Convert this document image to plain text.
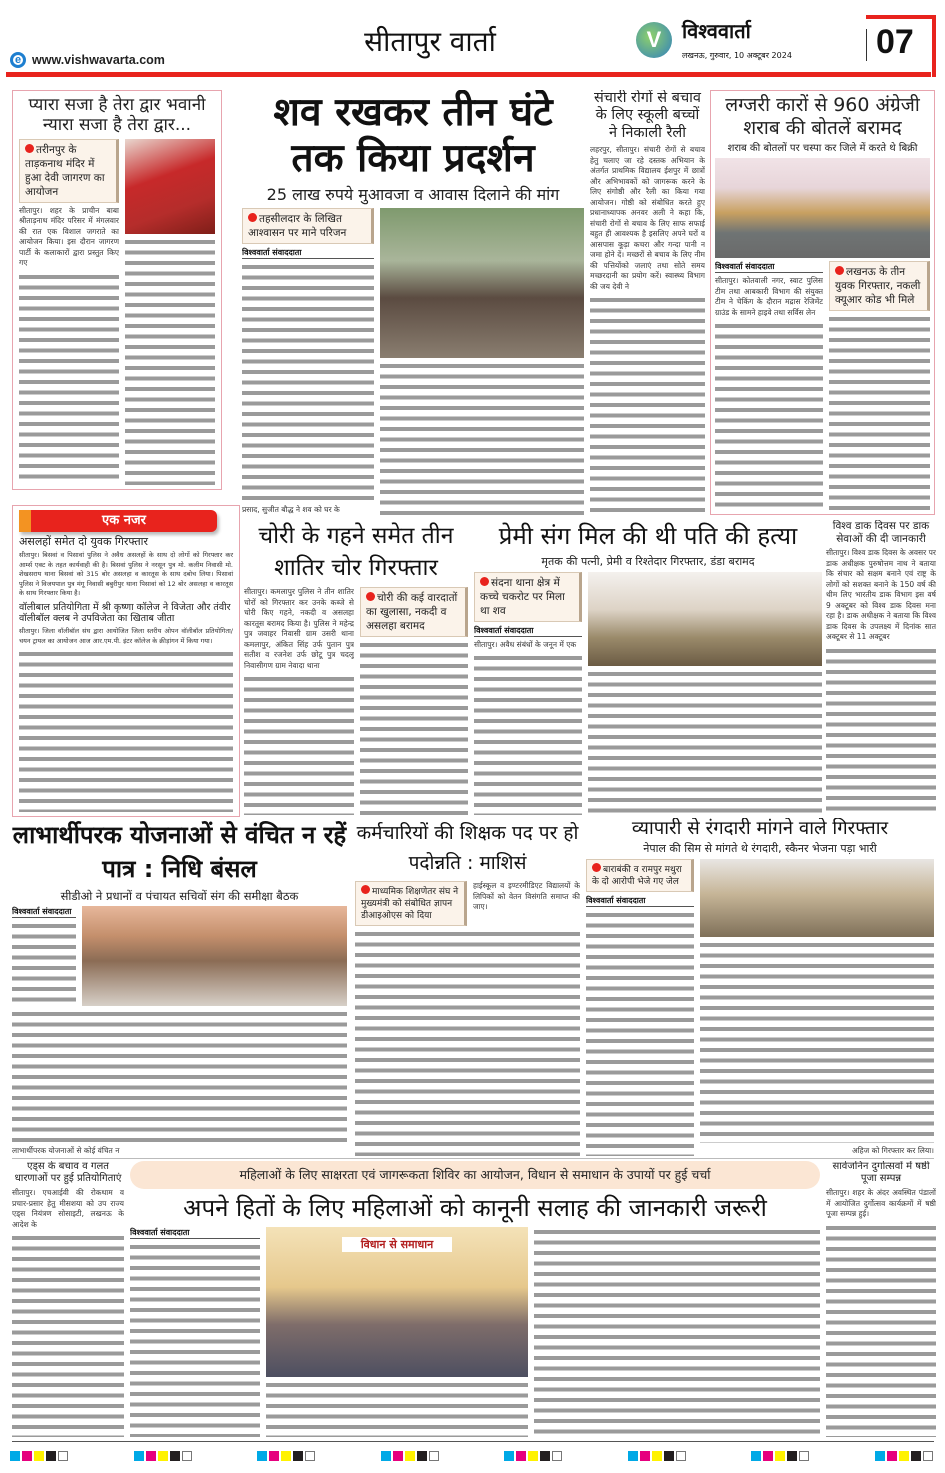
e www.vishwavarta.com
सीतापुर वार्ता	V	विश्ववार्ता
लखनऊ, गुरुवार, 10 अक्टूबर 2024 07
प्यारा सजा है तेरा द्वार भवानी न्यारा सजा है तेरा द्वार...
तरीनपुर के ताड़कनाथ मंदिर में हुआ देवी जागरण का आयोजन
सीतापुर। शहर के प्राचीन बाबा श्रीताड़नाथ मंदिर परिसर में मंगलवार की रात एक विशाल जगराते का आयोजन किया। इस दौरान जागरण पार्टी के कलाकारों द्वारा प्रस्तुत किए गए
शव रखकर तीन घंटे तक किया प्रदर्शन
25 लाख रुपये मुआवजा व आवास दिलाने की मांग
तहसीलदार के लिखित आश्वासन पर माने परिजन
विश्ववार्ता संवाददाता
प्रसाद, सुजीत बौद्ध ने शव को घर के
संचारी रोगों से बचाव के लिए स्कूली बच्चों ने निकाली रैली
लहरपुर, सीतापुर। संचारी रोगों से बचाव हेतु चलाए जा रहे दस्तक अभियान के अंतर्गत प्राथमिक विद्यालय ईशपुर में छात्रों और अभिभावकों को जागरूक करने के लिए संगोष्ठी और रैली का किया गया आयोजन। गोष्ठी को संबोधित करते हुए प्रधानाध्यापक अनवर अली ने कहा कि, संचारी रोगों से बचाव के लिए साफ सफाई बहुत ही आवश्यक है इसलिए अपने घरों व आसपास कूड़ा कचरा और गन्दा पानी न जमा होने दें। मच्छरों से बचाव के लिए नीम की पत्तियोंको जलाएं तथा सोते समय मच्छरदानी का प्रयोग करें। स्वास्थ्य विभाग की जय देवी ने
लग्जरी कारों से 960 अंग्रेजी शराब की बोतलें बरामद
शराब की बोतलों पर चस्पा कर जिले में करते थे बिक्री
विश्ववार्ता संवाददाता
सीतापुर। कोतवाली नगर, स्वाट पुलिस टीम तथा आबकारी विभाग की संयुक्त टीम ने चेकिंग के दौरान मद्रास रेजिमेंट ग्राउंड के सामने हाइवे तथा सर्विस लेन
लखनऊ के तीन युवक गिरफ्तार, नकली क्यूआर कोड भी मिले
एक नजर
असलहों समेत दो युवक गिरफ्तार
सीतापुर। बिसवां व पिसावां पुलिस ने अवैध असलहों के साथ दो लोगों को गिरफ्तार कर आर्म्स एक्ट के तहत कार्यवाही की है। बिसवां पुलिस ने नरसून पुत्र मो. कलीम निवासी मो. शेखसराय थाना बिसवां को 315 बोर असलहा व कारतूस के साथ दबोच लिया। पिसावां पुलिस ने विजयपाल पुत्र मंगू निवासी बबुरीपुर थाना पिसावां को 12 बोर असलहा व कारतूस के साथ गिरफ्तार किया है।
वॉलीबाल प्रतियोगिता में श्री कृष्णा कॉलेज ने विजेता और तंवीर वॉलीबॉल क्लब ने उपविजेता का खिताब जीता
सीतापुर। जिला वॉलीबॉल संघ द्वारा आयोजित जिला स्तरीय ओपन वॉलीबॉल प्रतियोगिता/चयन ट्रायल का आयोजन आज आर.एम.पी. इंटर कॉलेज के क्रीड़ांगन में किया गया।
चोरी के गहने समेत तीन शातिर चोर गिरफ्तार
सीतापुर। कमलापुर पुलिस ने तीन शातिर चोरों को गिरफ्तार कर उनके कब्जे से चोरी किए गहने, नकदी व असलहा कारतूस बरामद किया है। पुलिस ने महेन्द्र पुत्र जवाहर निवासी ग्राम उसरी थाना कमलापुर, अंकित सिंह उर्फ पुतान पुत्र सतीश व रजनेश उर्फ छोटू पुत्र चदलू निवासीगण ग्राम नेवादा थाना
चोरी की कई वारदातों का खुलासा, नकदी व असलहा बरामद
प्रेमी संग मिल की थी पति की हत्या
मृतक की पत्नी, प्रेमी व रिश्तेदार गिरफ्तार, डंडा बरामद
संदना थाना क्षेत्र में कच्चे चकरोट पर मिला था शव
विश्ववार्ता संवाददाता
सीतापुर। अवैध संबंधों के जनून में एक
विश्व डाक दिवस पर डाक सेवाओं की दी जानकारी
सीतापुर। विश्व डाक दिवस के अवसर पर डाक अधीक्षक पुरुषोत्तम नाथ ने बताया कि संचार को सक्षम बनाने एवं राष्ट्र के लोगों को सशक्त बनाने के 150 वर्ष की थीम लिए भारतीय डाक विभाग इस वर्ष 9 अक्टूबर को विश्व डाक दिवस मना रहा है। डाक अधीक्षक ने बताया कि विश्व डाक दिवस के उपलक्ष्य में दिनांक सात अक्टूबर से 11 अक्टूबर
लाभार्थीपरक योजनाओं से वंचित न रहें पात्र : निधि बंसल
सीडीओ ने प्रधानों व पंचायत सचिवों संग की समीक्षा बैठक
विश्ववार्ता संवाददाता
लाभार्थीपरक योजनाओं से कोई वंचित न
कर्मचारियों की शिक्षक पद पर हो पदोन्नति : माशिसं
माध्यमिक शिक्षणेतर संघ ने मुख्यमंत्री को संबोधित ज्ञापन डीआइओएस को दिया
हाईस्कूल व इण्टरमीडिएट विद्यालयों के लिपिकों को वेतन विसंगति समाप्त की जाए।
व्यापारी से रंगदारी मांगने वाले गिरफ्तार
नेपाल की सिम से मांगते थे रंगदारी, स्कैनर भेजना पड़ा भारी
बाराबंकी व रामपुर मथुरा के दो आरोपी भेजे गए जेल
विश्ववार्ता संवाददाता
अहिज को गिरफ्तार कर लिया।
एड्स के बचाव व गलत धारणाओं पर हुई प्रतियोगिताएं
सीतापुर। एचआईवी की रोकथाम व प्रचार-प्रसार हेतु मीसशया को उप राज्य एड्स नियंत्रण सोसाइटी, लखनऊ के आदेश के
महिलाओं के लिए साक्षरता एवं जागरूकता शिविर का आयोजन, विधान से समाधान के उपायों पर हुई चर्चा
अपने हितों के लिए महिलाओं को कानूनी सलाह की जानकारी जरूरी
विश्ववार्ता संवाददाता
विधान से समाधान
सार्वजनिन दुर्गोत्सवों में षष्ठी पूजा सम्पन्न
सीतापुर। शहर के अंदर अवस्थित पंडालों में आयोजित दुर्गोत्सव कार्यक्रमों में षष्ठी पूजा सम्पन्न हुई।
